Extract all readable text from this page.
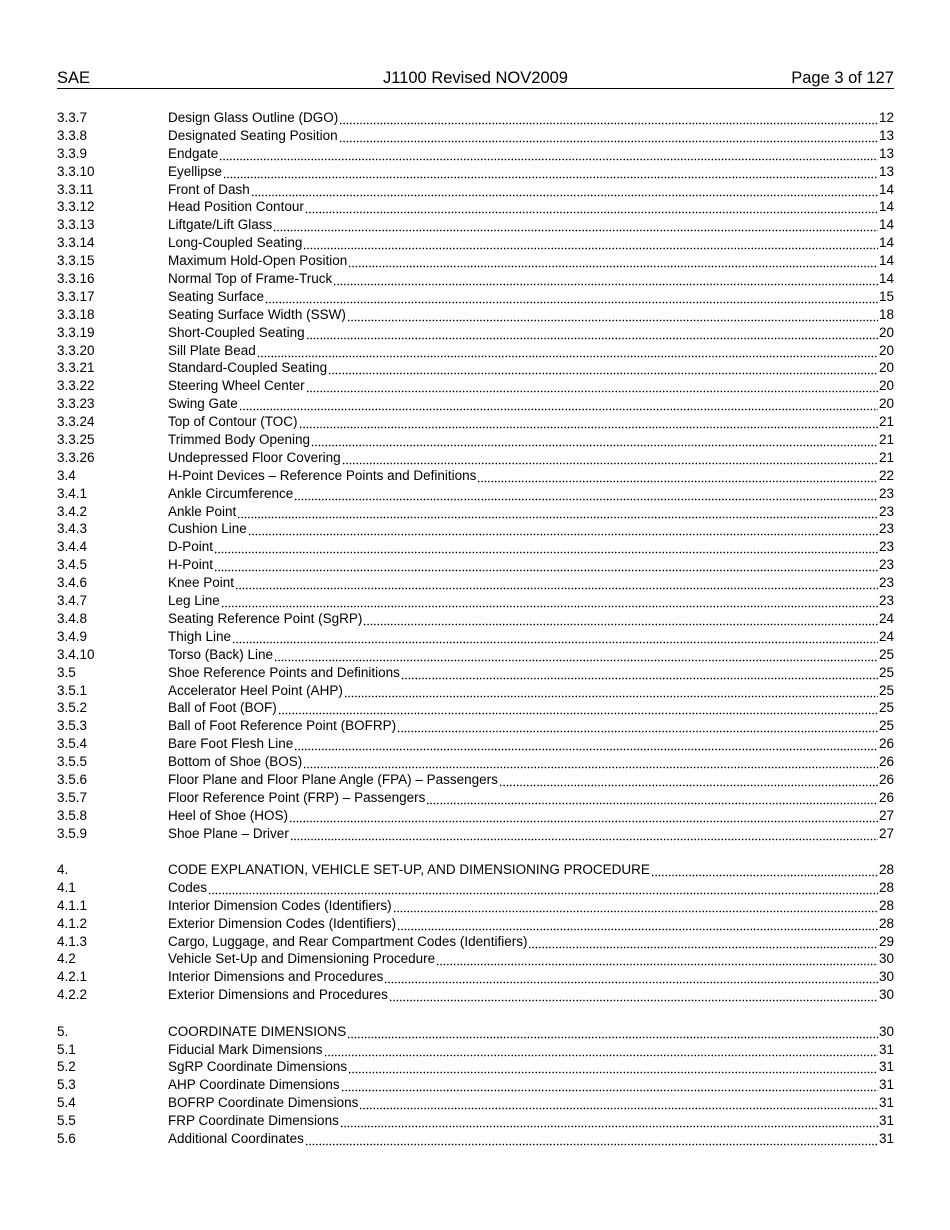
SAE	J1100 Revised NOV2009	Page 3 of 127
3.3.7	Design Glass Outline (DGO)	12
3.3.8	Designated Seating Position	13
3.3.9	Endgate	13
3.3.10	Eyellipse	13
3.3.11	Front of Dash	14
3.3.12	Head Position Contour	14
3.3.13	Liftgate/Lift Glass	14
3.3.14	Long-Coupled Seating	14
3.3.15	Maximum Hold-Open Position	14
3.3.16	Normal Top of Frame-Truck	14
3.3.17	Seating Surface	15
3.3.18	Seating Surface Width (SSW)	18
3.3.19	Short-Coupled Seating	20
3.3.20	Sill Plate Bead	20
3.3.21	Standard-Coupled Seating	20
3.3.22	Steering Wheel Center	20
3.3.23	Swing Gate	20
3.3.24	Top of Contour (TOC)	21
3.3.25	Trimmed Body Opening	21
3.3.26	Undepressed Floor Covering	21
3.4	H-Point Devices – Reference Points and Definitions	22
3.4.1	Ankle Circumference	23
3.4.2	Ankle Point	23
3.4.3	Cushion Line	23
3.4.4	D-Point	23
3.4.5	H-Point	23
3.4.6	Knee Point	23
3.4.7	Leg Line	23
3.4.8	Seating Reference Point (SgRP)	24
3.4.9	Thigh Line	24
3.4.10	Torso (Back) Line	25
3.5	Shoe Reference Points and Definitions	25
3.5.1	Accelerator Heel Point (AHP)	25
3.5.2	Ball of Foot (BOF)	25
3.5.3	Ball of Foot Reference Point (BOFRP)	25
3.5.4	Bare Foot Flesh Line	26
3.5.5	Bottom of Shoe (BOS)	26
3.5.6	Floor Plane and Floor Plane Angle (FPA) – Passengers	26
3.5.7	Floor Reference Point (FRP) – Passengers	26
3.5.8	Heel of Shoe (HOS)	27
3.5.9	Shoe Plane – Driver	27
4.	CODE EXPLANATION, VEHICLE SET-UP, AND DIMENSIONING PROCEDURE	28
4.1	Codes	28
4.1.1	Interior Dimension Codes (Identifiers)	28
4.1.2	Exterior Dimension Codes (Identifiers)	28
4.1.3	Cargo, Luggage, and Rear Compartment Codes (Identifiers)	29
4.2	Vehicle Set-Up and Dimensioning Procedure	30
4.2.1	Interior Dimensions and Procedures	30
4.2.2	Exterior Dimensions and Procedures	30
5.	COORDINATE DIMENSIONS	30
5.1	Fiducial Mark Dimensions	31
5.2	SgRP Coordinate Dimensions	31
5.3	AHP Coordinate Dimensions	31
5.4	BOFRP Coordinate Dimensions	31
5.5	FRP Coordinate Dimensions	31
5.6	Additional Coordinates	31
